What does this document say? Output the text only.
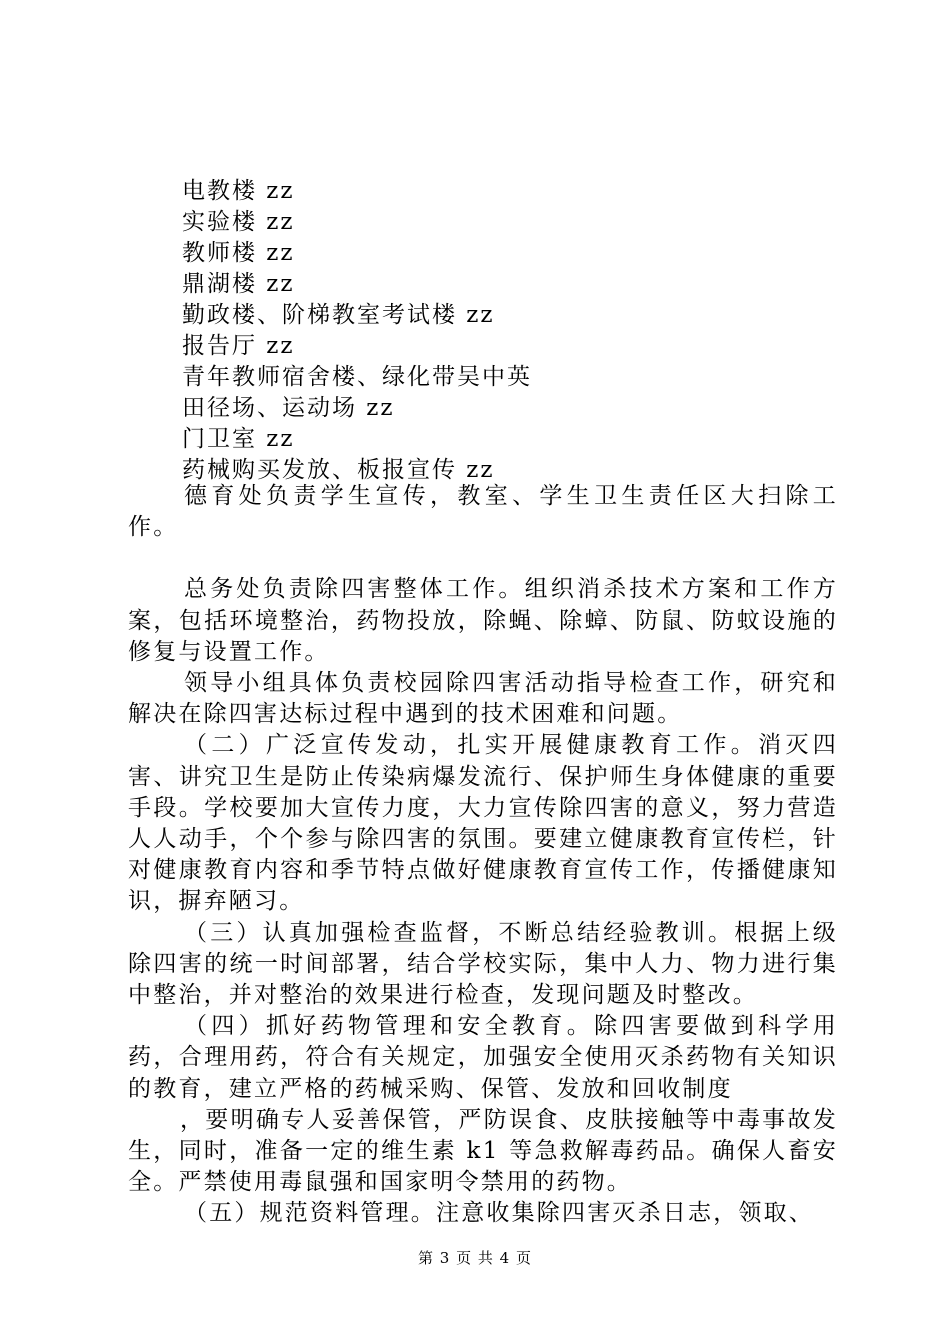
电教楼 zz
实验楼 zz
教师楼 zz
鼎湖楼 zz
勤政楼、阶梯教室考试楼 zz
报告厅 zz
青年教师宿舍楼、绿化带吴中英
田径场、运动场 zz
门卫室 zz
药械购买发放、板报宣传 zz

德育处负责学生宣传，教室、学生卫生责任区大扫除工作。

总务处负责除四害整体工作。组织消杀技术方案和工作方案，包括环境整治，药物投放，除蝇、除蟑、防鼠、防蚊设施的修复与设置工作。

领导小组具体负责校园除四害活动指导检查工作，研究和解决在除四害达标过程中遇到的技术困难和问题。

（二）广泛宣传发动，扎实开展健康教育工作。消灭四害、讲究卫生是防止传染病爆发流行、保护师生身体健康的重要手段。学校要加大宣传力度，大力宣传除四害的意义，努力营造人人动手，个个参与除四害的氛围。要建立健康教育宣传栏，针对健康教育内容和季节特点做好健康教育宣传工作，传播健康知识，摒弃陋习。

（三）认真加强检查监督，不断总结经验教训。根据上级除四害的统一时间部署，结合学校实际，集中人力、物力进行集中整治，并对整治的效果进行检查，发现问题及时整改。

（四）抓好药物管理和安全教育。除四害要做到科学用药，合理用药，符合有关规定，加强安全使用灭杀药物有关知识的教育，建立严格的药械采购、保管、发放和回收制度

，要明确专人妥善保管，严防误食、皮肤接触等中毒事故发生，同时，准备一定的维生素 k1 等急救解毒药品。确保人畜安全。严禁使用毒鼠强和国家明令禁用的药物。

（五）规范资料管理。注意收集除四害灭杀日志，领取、

第 3 页 共 4 页
